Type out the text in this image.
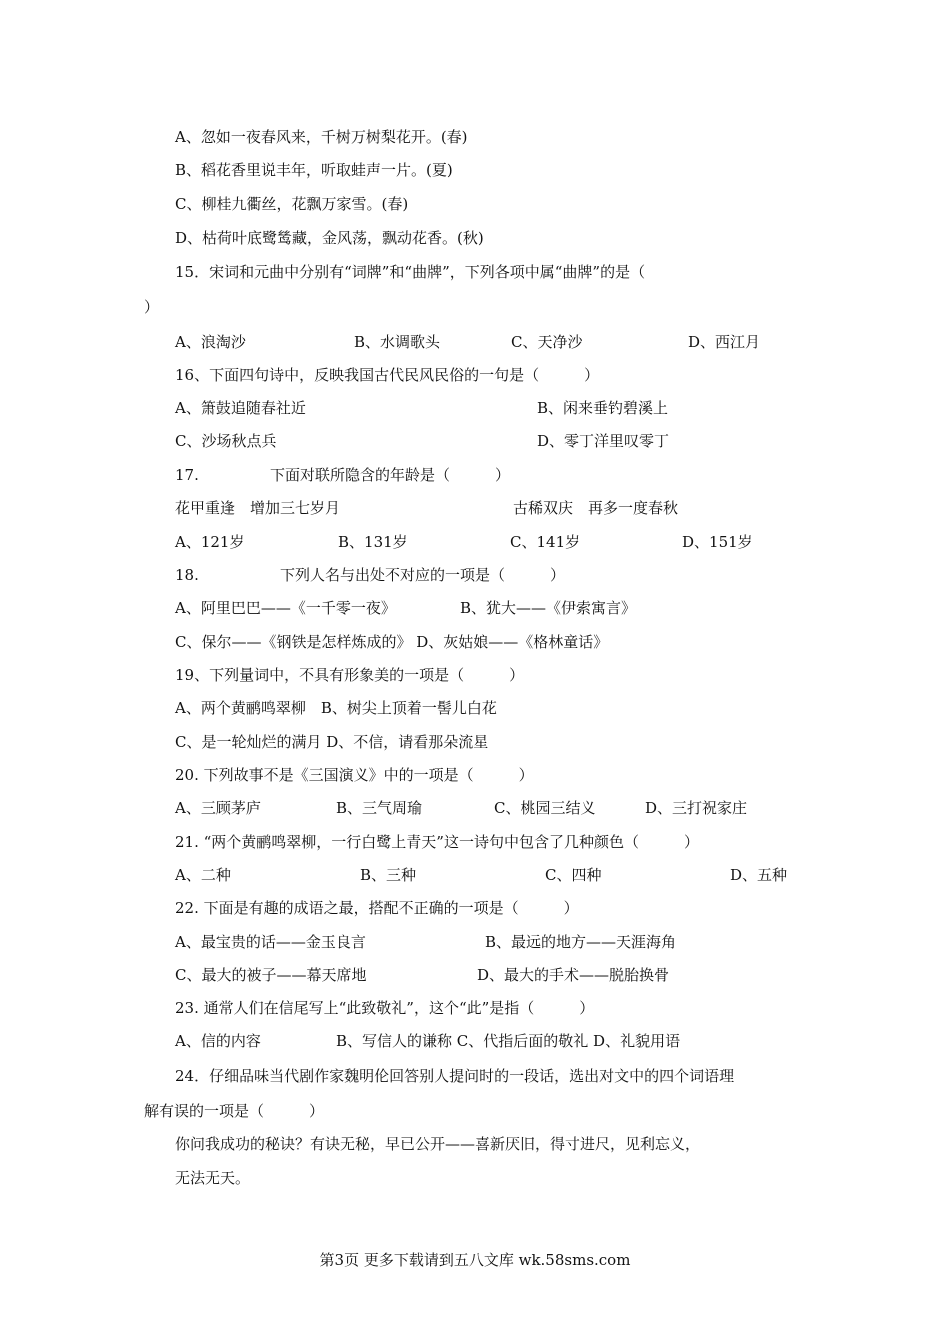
A、忽如一夜春风来，千树万树梨花开。(春)
B、稻花香里说丰年，听取蛙声一片。(夏)
C、柳桂九衢丝，花飘万家雪。(春)
D、枯荷叶底鹭鸶藏，金风荡，飘动花香。(秋)
15．宋词和元曲中分别有“词牌”和“曲牌”，下列各项中属“曲牌”的是（
）
A、浪淘沙	B、水调歌头	C、天净沙	D、西江月
16、下面四句诗中，反映我国古代民风民俗的一句是（　　　）
A、箫鼓追随春社近	B、闲来垂钓碧溪上
C、沙场秋点兵	D、零丁洋里叹零丁
17.	下面对联所隐含的年龄是（　　　）
花甲重逢　增加三七岁月	古稀双庆　再多一度春秋
A、121岁	B、131岁	C、141岁	D、151岁
18.	下列人名与出处不对应的一项是（　　　）
A、阿里巴巴——《一千零一夜》	B、犹大——《伊索寓言》
C、保尔——《钢铁是怎样炼成的》 D、灰姑娘——《格林童话》
19、下列量词中，不具有形象美的一项是（　　　）
A、两个黄鹂鸣翠柳　B、树尖上顶着一髻儿白花
C、是一轮灿烂的满月 D、不信，请看那朵流星
20. 下列故事不是《三国演义》中的一项是（　　　）
A、三顾茅庐	B、三气周瑜	C、桃园三结义	D、三打祝家庄
21. “两个黄鹂鸣翠柳，一行白鹭上青天”这一诗句中包含了几种颜色（　　　）
A、二种	B、三种	C、四种	D、五种
22. 下面是有趣的成语之最，搭配不正确的一项是（　　　）
A、最宝贵的话——金玉良言	B、最远的地方——天涯海角
C、最大的被子——幕天席地	D、最大的手术——脱胎换骨
23. 通常人们在信尾写上“此致敬礼”，这个“此”是指（　　　）
A、信的内容	B、写信人的谦称 C、代指后面的敬礼 D、礼貌用语
24．仔细品味当代剧作家魏明伦回答别人提问时的一段话，选出对文中的四个词语理
解有误的一项是（　　　）
你问我成功的秘诀？有诀无秘，早已公开——喜新厌旧，得寸进尺，见利忘义，
无法无天。
第3页 更多下载请到五八文库 wk.58sms.com
